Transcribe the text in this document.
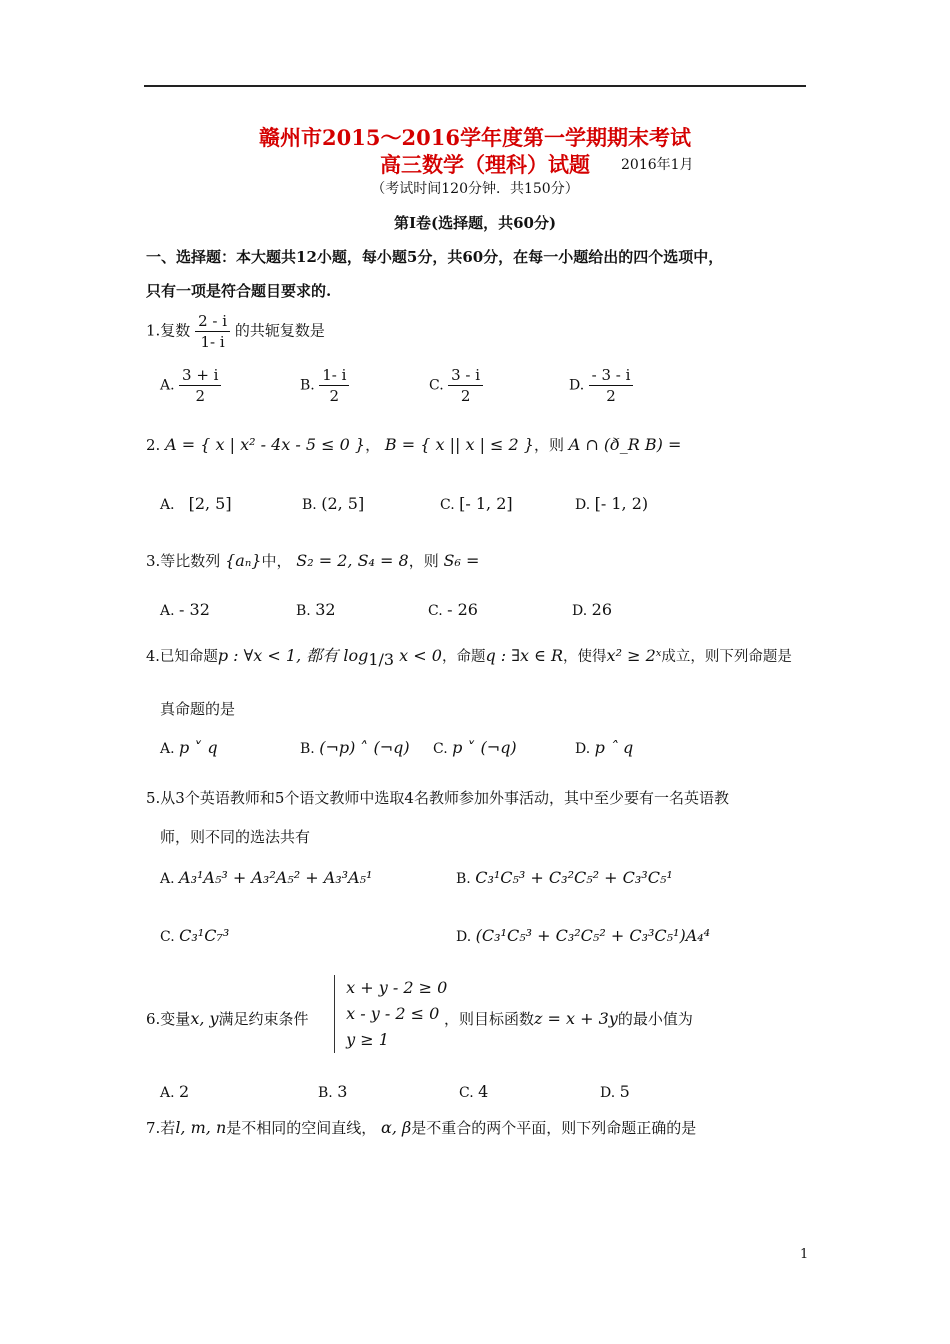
赣州市2015～2016学年度第一学期期末考试
高三数学（理科）试题 2016年1月
（考试时间120分钟．共150分）
第Ⅰ卷(选择题，共60分)
一、选择题：本大题共12小题，每小题5分，共60分，在每一小题给出的四个选项中，
只有一项是符合题目要求的.
1.复数 $\frac{2 - i}{1- i}$ 的共轭复数是
A. $\frac{3 + i}{2}$	B. $\frac{1- i}{2}$	C. $\frac{3 - i}{2}$	D. $\frac{- 3 - i}{2}$
2. A = { x | x² - 4x - 5 ≤ 0 }， B = { x || x | ≤ 2 }，则 A ∩ (ð_R B) =
A． [2, 5]	B. (2, 5]	C. [- 1, 2]	D. [- 1, 2)
3.等比数列 {aₙ}中， S₂ = 2, S₄ = 8，则 S₆ =
A. - 32	B. 32	C. - 26	D. 26
4.已知命题p : ∀x < 1, 都有 $\log_{1/3} x < 0$，命题q : ∃x ∈ R，使得x² ≥ 2ˣ成立，则下列命题是
真命题的是
A. p ˅ q	B. (¬p) ˄ (¬q) C. p ˅ (¬q)	D. p ˆ q
5.从3个英语教师和5个语文教师中选取4名教师参加外事活动，其中至少要有一名英语教
师，则不同的选法共有
A. A₃¹A₅³ + A₃²A₅² + A₃³A₅¹	B. C₃¹C₅³ + C₃²C₅² + C₃³C₅¹
C. C₃¹C₇³	D. (C₃¹C₅³ + C₃²C₅² + C₃³C₅¹)A₄⁴
6.变量x, y满足约束条件

x + y - 2 ≥ 0
x - y - 2 ≤ 0
y ≥ 1
，则目标函数z = x + 3y的最小值为
A. 2	B. 3	C. 4	D. 5
7.若l, m, n是不相同的空间直线， α, β是不重合的两个平面，则下列命题正确的是
1
